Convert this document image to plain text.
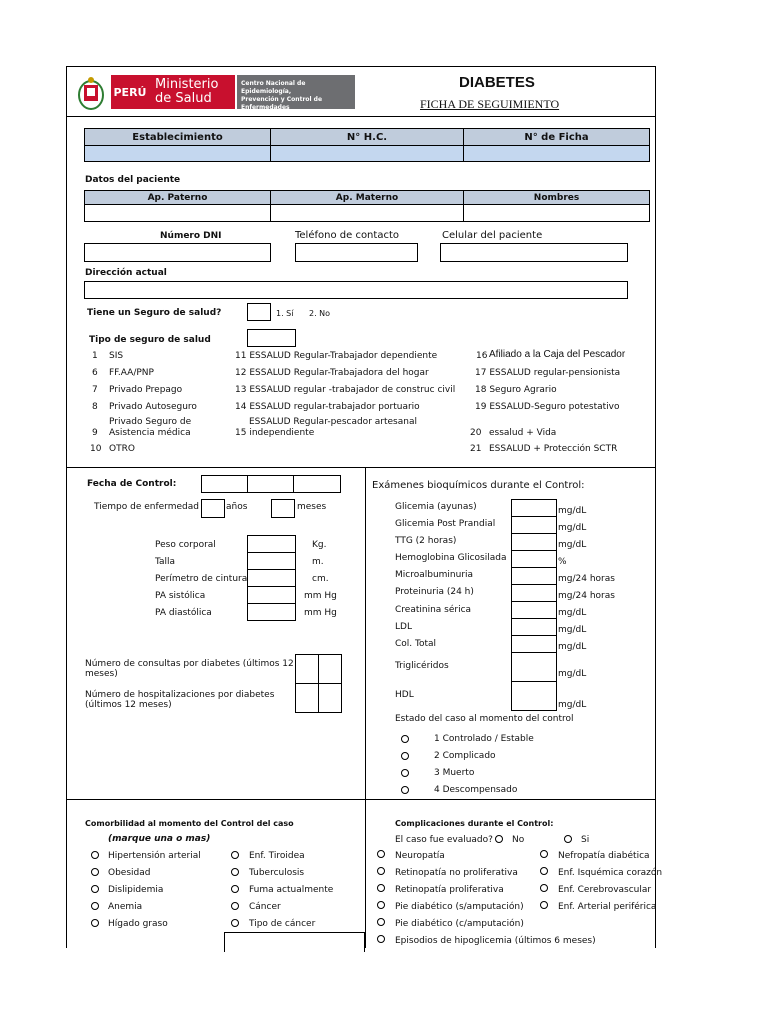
PERÚ Ministerio
de Salud
Centro Nacional de Epidemiología,
Prevención y Control de
Enfermedades
DIABETES
FICHA DE SEGUIMIENTO
Establecimiento	N° H.C.	N° de Ficha
Datos del paciente
Ap. Paterno	Ap. Materno	Nombres
Número DNI	Teléfono de contacto	Celular del paciente
Dirección actual
Tiene un Seguro de salud?	1. Sí 2. No
Tipo de seguro de salud
1 SIS
6 FF.AA/PNP
7 Privado Prepago
8 Privado Autoseguro
Privado Seguro de
9	Asistencia médica
10 OTRO
11 ESSALUD Regular-Trabajador dependiente
12 ESSALUD Regular-Trabajadora del hogar
13 ESSALUD regular -trabajador de construc civil
14 ESSALUD regular-trabajador portuario
ESSALUD Regular-pescador artesanal
15 independiente
16 Afiliado a la Caja del Pescador
17 ESSALUD regular-pensionista
18 Seguro Agrario
19 ESSALUD-Seguro potestativo
20 essalud + Vida
21 ESSALUD + Protección SCTR
Fecha de Control:
Tiempo de enfermedad	años	meses
Peso corporal	Kg.
Talla	m.
Perímetro de cintura	cm.
PA sistólica	mm Hg
PA diastólica	mm Hg
Número de consultas por diabetes (últimos 12
meses)
Número de hospitalizaciones por diabetes
(últimos 12 meses)
Exámenes bioquímicos durante el Control:
Glicemia (ayunas)	mg/dL
Glicemia Post Prandial	mg/dL
TTG (2 horas)	mg/dL
Hemoglobina Glicosilada	%
Microalbuminuria	mg/24 horas
Proteinuria (24 h)	mg/24 horas
Creatinina sérica	mg/dL
LDL	mg/dL
Col. Total	mg/dL
Triglicéridos
mg/dL
HDL
mg/dL
Estado del caso al momento del control
1 Controlado / Estable
2 Complicado
3 Muerto
4 Descompensado
Comorbilidad al momento del Control del caso
(marque una o mas)
Hipertensión arterial
Obesidad
Dislipidemia
Anemia
Hígado graso
Enf. Tiroidea
Tuberculosis
Fuma actualmente
Cáncer
Tipo de cáncer
Complicaciones durante el Control:
El caso fue evaluado? No	Si
Neuropatía
Retinopatía no proliferativa
Retinopatía proliferativa
Pie diabético (s/amputación)
Pie diabético (c/amputación)
Episodios de hipoglicemia (últimos 6 meses)
Nefropatía diabética
Enf. Isquémica corazón
Enf. Cerebrovascular
Enf. Arterial periférica
